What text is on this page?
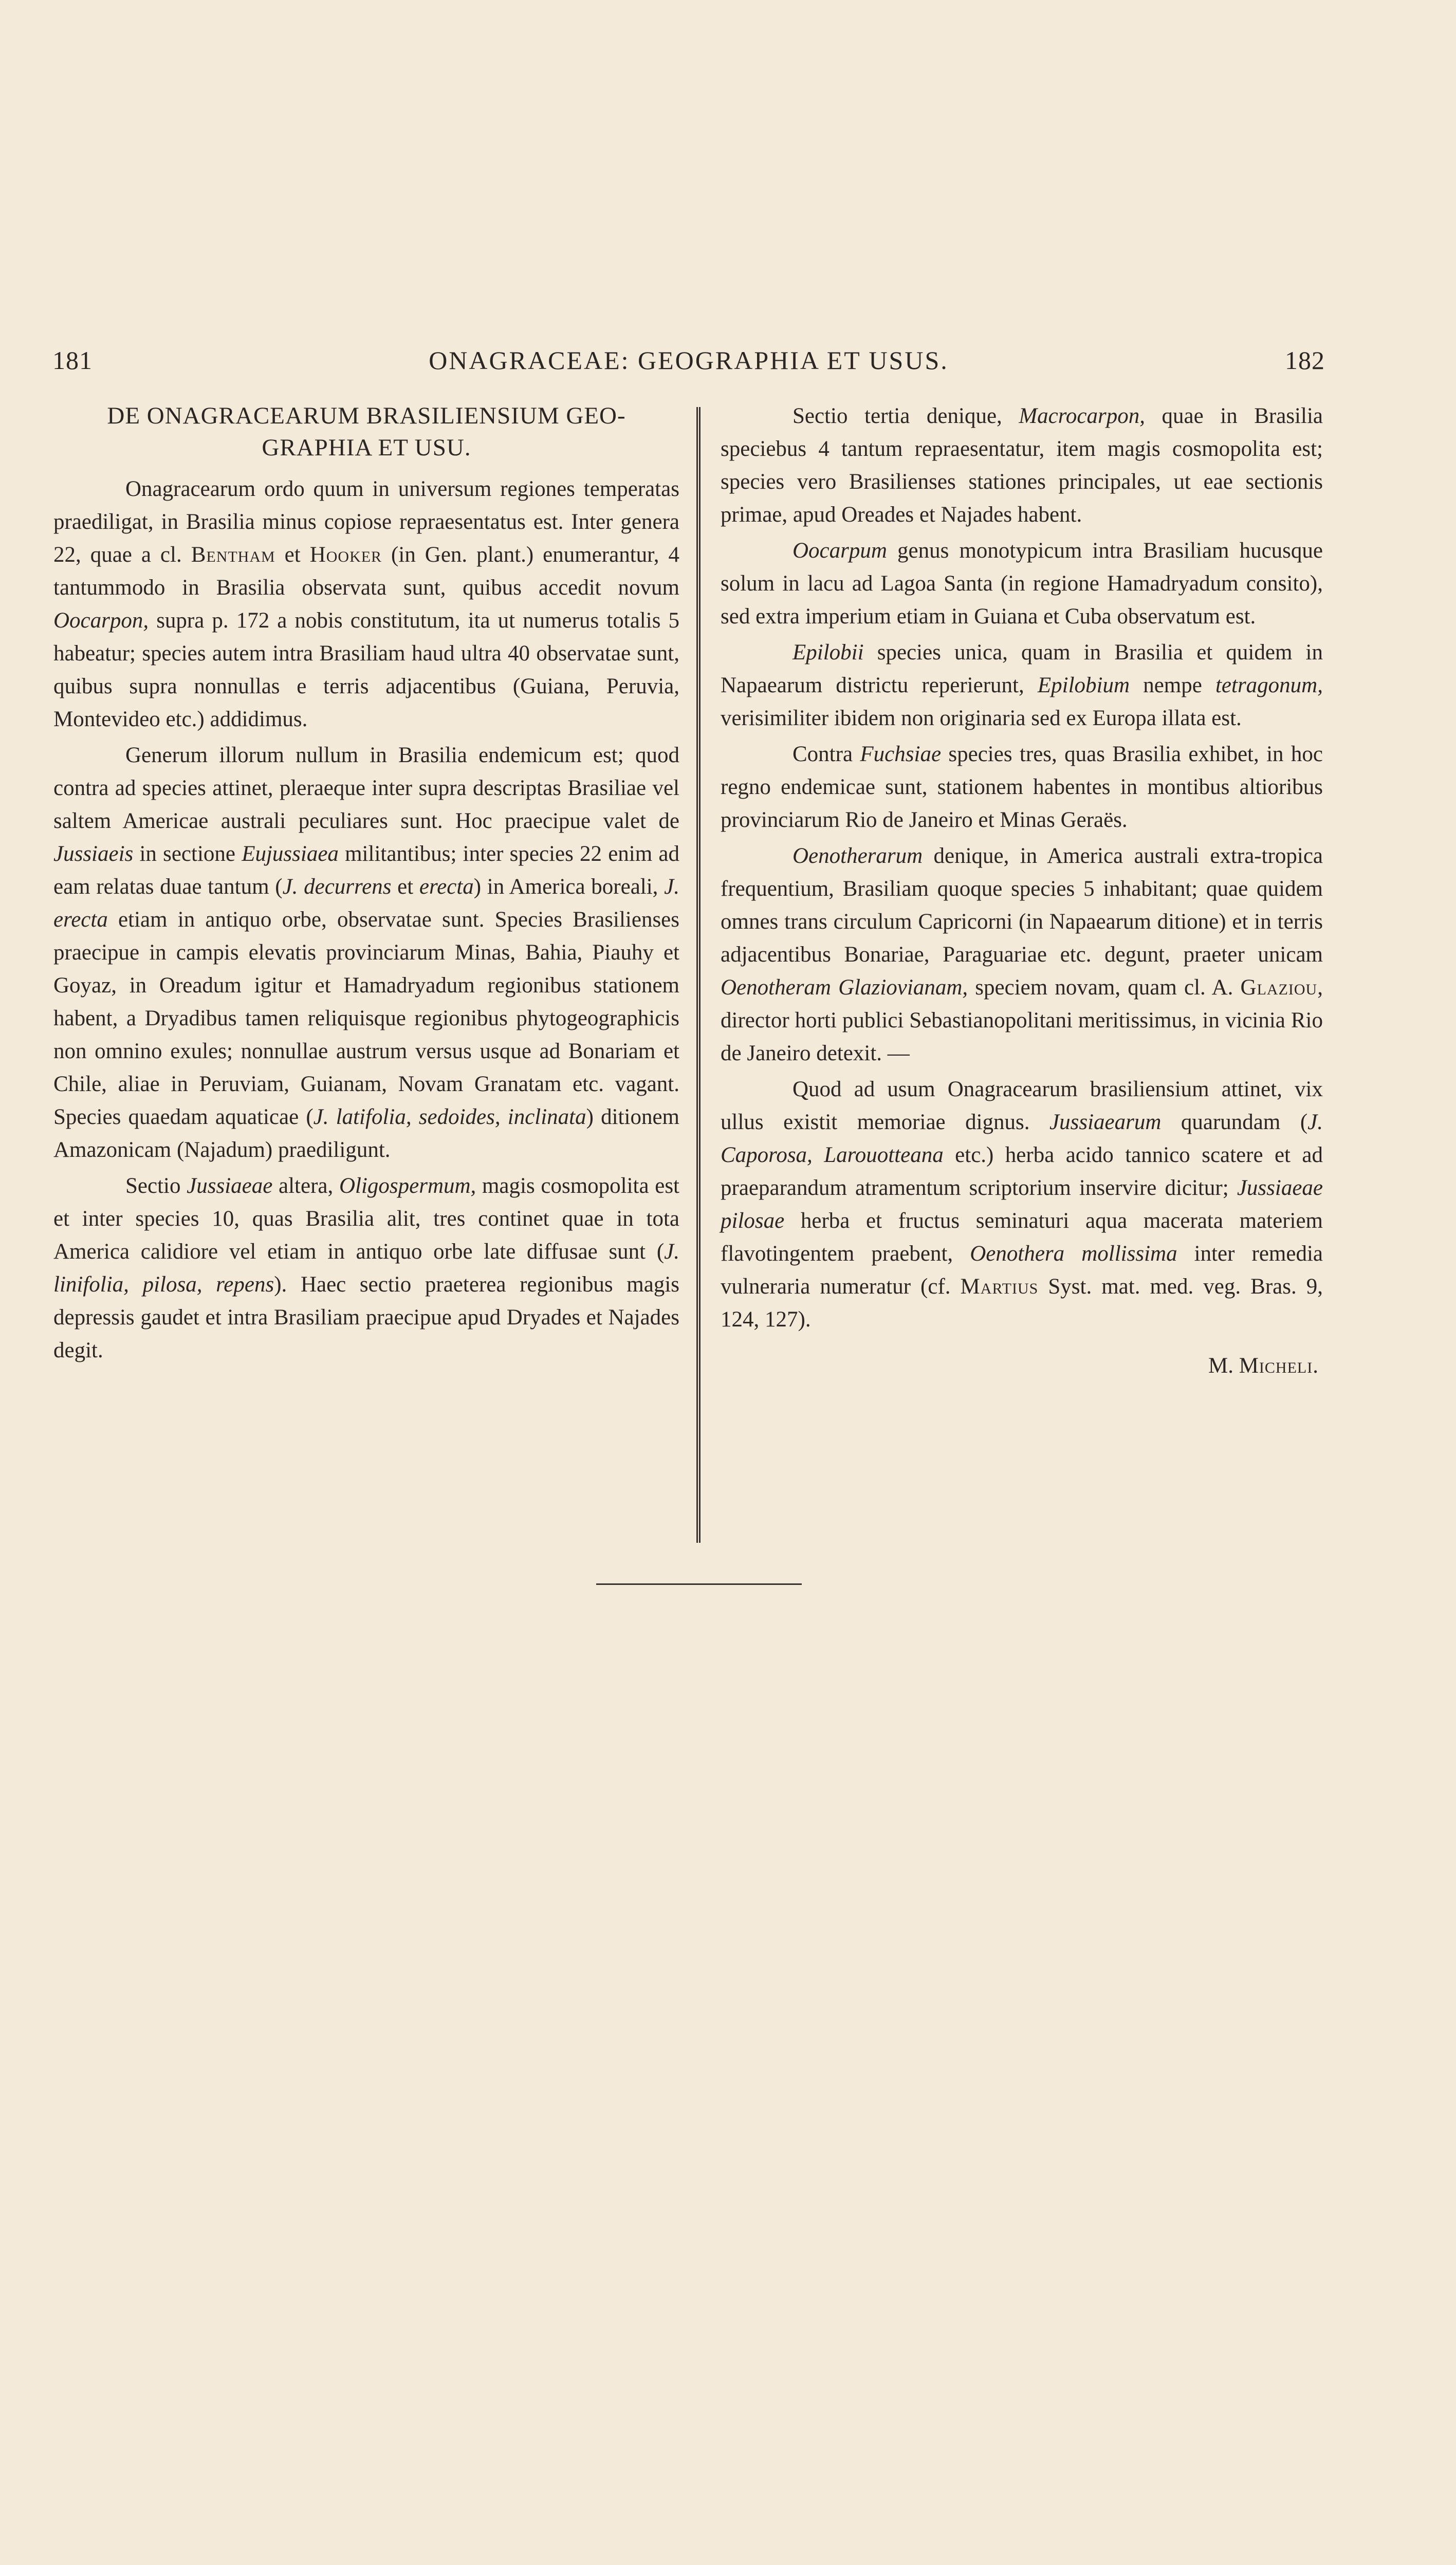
181	ONAGRACEAE: GEOGRAPHIA ET USUS.	182
DE ONAGRACEARUM BRASILIENSIUM GEO-
GRAPHIA ET USU.

Onagracearum ordo quum in universum regiones temperatas praediligat, in Brasilia minus copiose repraesentatus est. Inter genera 22, quae a cl. Bentham et Hooker (in Gen. plant.) enumerantur, 4 tantummodo in Brasilia observata sunt, quibus accedit novum Oocarpon, supra p. 172 a nobis constitutum, ita ut numerus totalis 5 habeatur; species autem intra Brasiliam haud ultra 40 observatae sunt, quibus supra nonnullas e terris adjacentibus (Guiana, Peruvia, Montevideo etc.) addidimus.

Generum illorum nullum in Brasilia endemicum est; quod contra ad species attinet, pleraeque inter supra descriptas Brasiliae vel saltem Americae australi peculiares sunt. Hoc praecipue valet de Jussiaeis in sectione Eujussiaea militantibus; inter species 22 enim ad eam relatas duae tantum (J. decurrens et erecta) in America boreali, J. erecta etiam in antiquo orbe, observatae sunt. Species Brasilienses praecipue in campis elevatis provinciarum Minas, Bahia, Piauhy et Goyaz, in Oreadum igitur et Hamadryadum regionibus stationem habent, a Dryadibus tamen reliquisque regionibus phytogeographicis non omnino exules; nonnullae austrum versus usque ad Bonariam et Chile, aliae in Peruviam, Guianam, Novam Granatam etc. vagant. Species quaedam aquaticae (J. latifolia, sedoides, inclinata) ditionem Amazonicam (Najadum) praediligunt.

Sectio Jussiaeae altera, Oligospermum, magis cosmopolita est et inter species 10, quas Brasilia alit, tres continet quae in tota America calidiore vel etiam in antiquo orbe late diffusae sunt (J. linifolia, pilosa, repens). Haec sectio praeterea regionibus magis depressis gaudet et intra Brasiliam praecipue apud Dryades et Najades degit.

Sectio tertia denique, Macrocarpon, quae in Brasilia speciebus 4 tantum repraesentatur, item magis cosmopolita est; species vero Brasilienses stationes principales, ut eae sectionis primae, apud Oreades et Najades habent.

Oocarpum genus monotypicum intra Brasiliam hucusque solum in lacu ad Lagoa Santa (in regione Hamadryadum consito), sed extra imperium etiam in Guiana et Cuba observatum est.

Epilobii species unica, quam in Brasilia et quidem in Napaearum districtu reperierunt, Epilobium nempe tetragonum, verisimiliter ibidem non originaria sed ex Europa illata est.

Contra Fuchsiae species tres, quas Brasilia exhibet, in hoc regno endemicae sunt, stationem habentes in montibus altioribus provinciarum Rio de Janeiro et Minas Geraës.

Oenotherarum denique, in America australi extra-tropica frequentium, Brasiliam quoque species 5 inhabitant; quae quidem omnes trans circulum Capricorni (in Napaearum ditione) et in terris adjacentibus Bonariae, Paraguariae etc. degunt, praeter unicam Oenotheram Glaziovianam, speciem novam, quam cl. A. Glaziou, director horti publici Sebastianopolitani meritissimus, in vicinia Rio de Janeiro detexit. —

Quod ad usum Onagracearum brasiliensium attinet, vix ullus existit memoriae dignus. Jussiaearum quarundam (J. Caporosa, Larouotteana etc.) herba acido tannico scatere et ad praeparandum atramentum scriptorium inservire dicitur; Jussiaeae pilosae herba et fructus seminaturi aqua macerata materiem flavotingentem praebent, Oenothera mollissima inter remedia vulneraria numeratur (cf. Martius Syst. mat. med. veg. Bras. 9, 124, 127).

M. Micheli.
